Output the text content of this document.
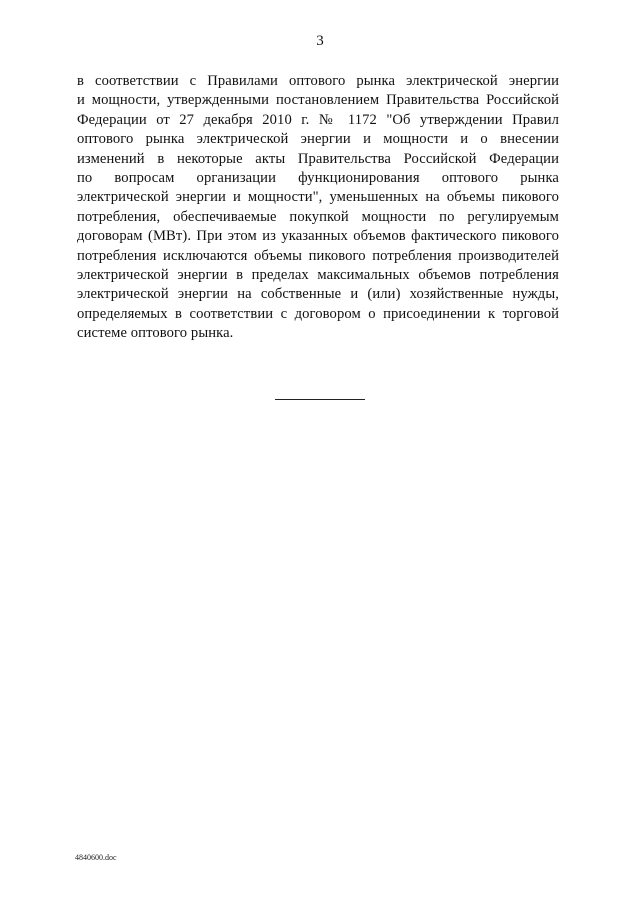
3
в соответствии с Правилами оптового рынка электрической энергии
и мощности, утвержденными постановлением Правительства Российской
Федерации от 27 декабря 2010 г. № 1172 "Об утверждении Правил
оптового рынка электрической энергии и мощности и о внесении
изменений в некоторые акты Правительства Российской Федерации
по вопросам организации функционирования оптового рынка
электрической энергии и мощности", уменьшенных на объемы пикового
потребления, обеспечиваемые покупкой мощности по регулируемым
договорам (МВт). При этом из указанных объемов фактического пикового
потребления исключаются объемы пикового потребления производителей
электрической энергии в пределах максимальных объемов потребления
электрической энергии на собственные и (или) хозяйственные нужды,
определяемых в соответствии с договором о присоединении к торговой
системе оптового рынка.
4840600.doc
